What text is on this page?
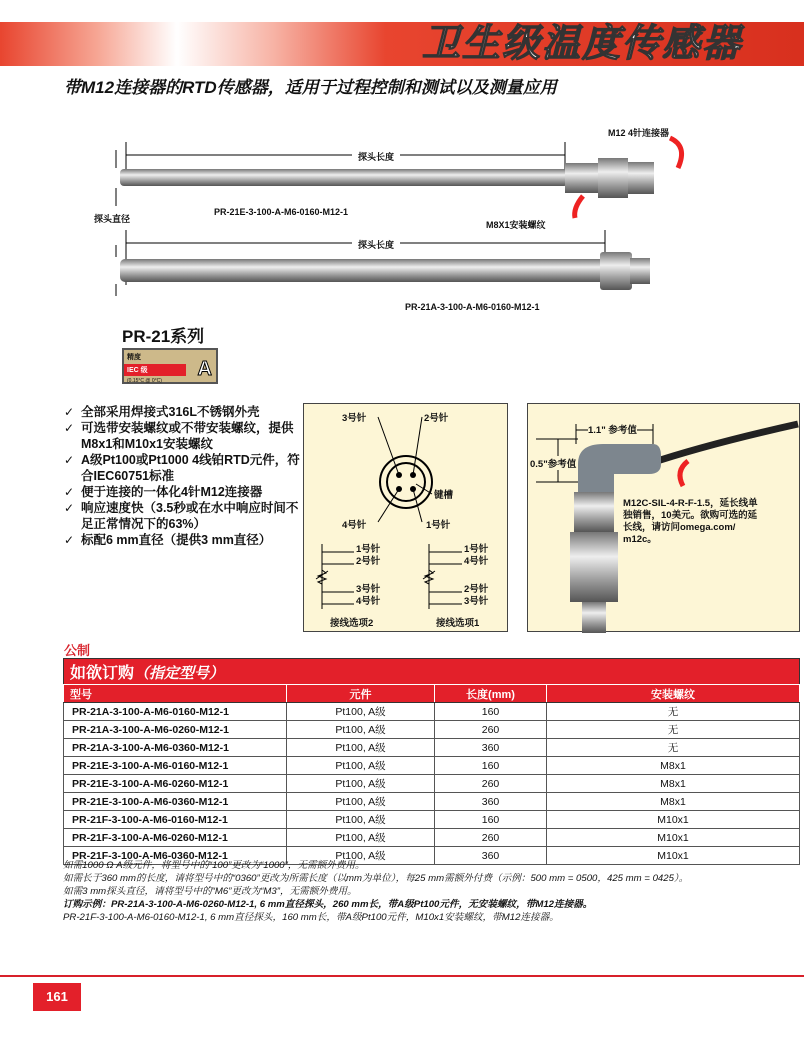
卫生级温度传感器
带M12连接器的RTD传感器，适用于过程控制和测试以及测量应用
探头长度
探头直径
PR-21E-3-100-A-M6-0160-M12-1
M12 4针连接器
M8X1安装螺纹
探头长度
PR-21A-3-100-A-M6-0160-M12-1
PR-21系列
精度
IEC 级
(0.15°C @ 0°C)
A
✓ 全部采用焊接式316L不锈钢外壳
✓ 可选带安装螺纹或不带安装螺纹，提供M8x1和M10x1安装螺纹
✓ A级Pt100或Pt1000 4线铂RTD元件，符合IEC60751标准
✓ 便于连接的一体化4针M12连接器
✓ 响应速度快（3.5秒或在水中响应时间不足正常情况下的63%）
✓ 标配6 mm直径（提供3 mm直径）
3号针	2号针
键槽
4号针	1号针
1号针
2号针
3号针
4号针
1号针
4号针
2号针
3号针
接线选项2	接线选项1
1.1" 参考值
0.5"参考值
M12C-SIL-4-R-F-1.5，延长线单独销售，10美元。欲购可选的延长线，请访问omega.com/ m12c。
公制
如欲订购（指定型号）			
型号	元件	长度(mm)	安装螺纹
PR-21A-3-100-A-M6-0160-M12-1	Pt100, A级	160	无
PR-21A-3-100-A-M6-0260-M12-1	Pt100, A级	260	无
PR-21A-3-100-A-M6-0360-M12-1	Pt100, A级	360	无
PR-21E-3-100-A-M6-0160-M12-1	Pt100, A级	160	M8x1
PR-21E-3-100-A-M6-0260-M12-1	Pt100, A级	260	M8x1
PR-21E-3-100-A-M6-0360-M12-1	Pt100, A级	360	M8x1
PR-21F-3-100-A-M6-0160-M12-1	Pt100, A级	160	M10x1
PR-21F-3-100-A-M6-0260-M12-1	Pt100, A级	260	M10x1
PR-21F-3-100-A-M6-0360-M12-1	Pt100, A级	360	M10x1
如需1000 Ω A级元件，将型号中的“100”更改为“1000”，无需额外费用。
如需长于360 mm的长度，请将型号中的“0360”更改为所需长度（以mm为单位），每25 mm需额外付费（示例：500 mm = 0500，425 mm = 0425）。
如需3 mm探头直径，请将型号中的“M6”更改为“M3”，无需额外费用。
订购示例：PR-21A-3-100-A-M6-0260-M12-1, 6 mm直径探头，260 mm长，带A级Pt100元件，无安装螺纹，带M12连接器。
PR-21F-3-100-A-M6-0160-M12-1, 6 mm直径探头，160 mm长，带A级Pt100元件，M10x1安装螺纹，带M12连接器。
161
